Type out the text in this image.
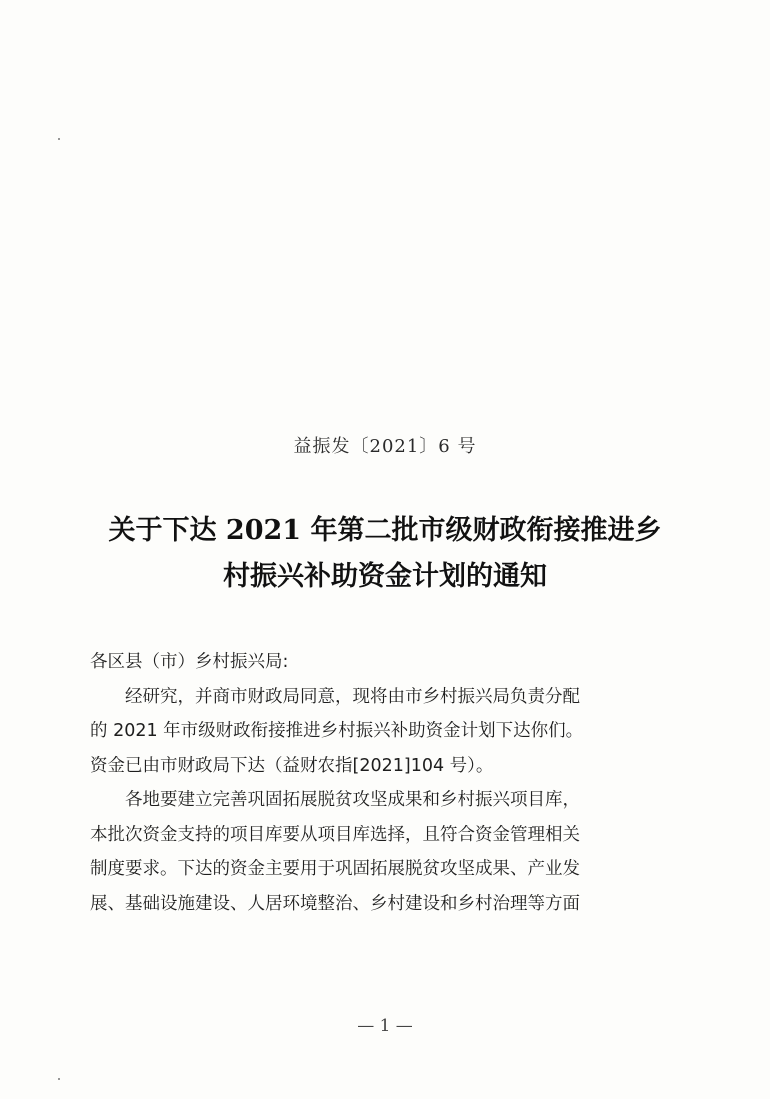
益振发〔2021〕6 号
关于下达 2021 年第二批市级财政衔接推进乡
村振兴补助资金计划的通知

各区县（市）乡村振兴局:

经研究，并商市财政局同意，现将由市乡村振兴局负责分配
的 2021 年市级财政衔接推进乡村振兴补助资金计划下达你们。
资金已由市财政局下达（益财农指[2021]104 号）。

各地要建立完善巩固拓展脱贫攻坚成果和乡村振兴项目库，
本批次资金支持的项目库要从项目库选择，且符合资金管理相关
制度要求。下达的资金主要用于巩固拓展脱贫攻坚成果、产业发
展、基础设施建设、人居环境整治、乡村建设和乡村治理等方面

— 1 —
